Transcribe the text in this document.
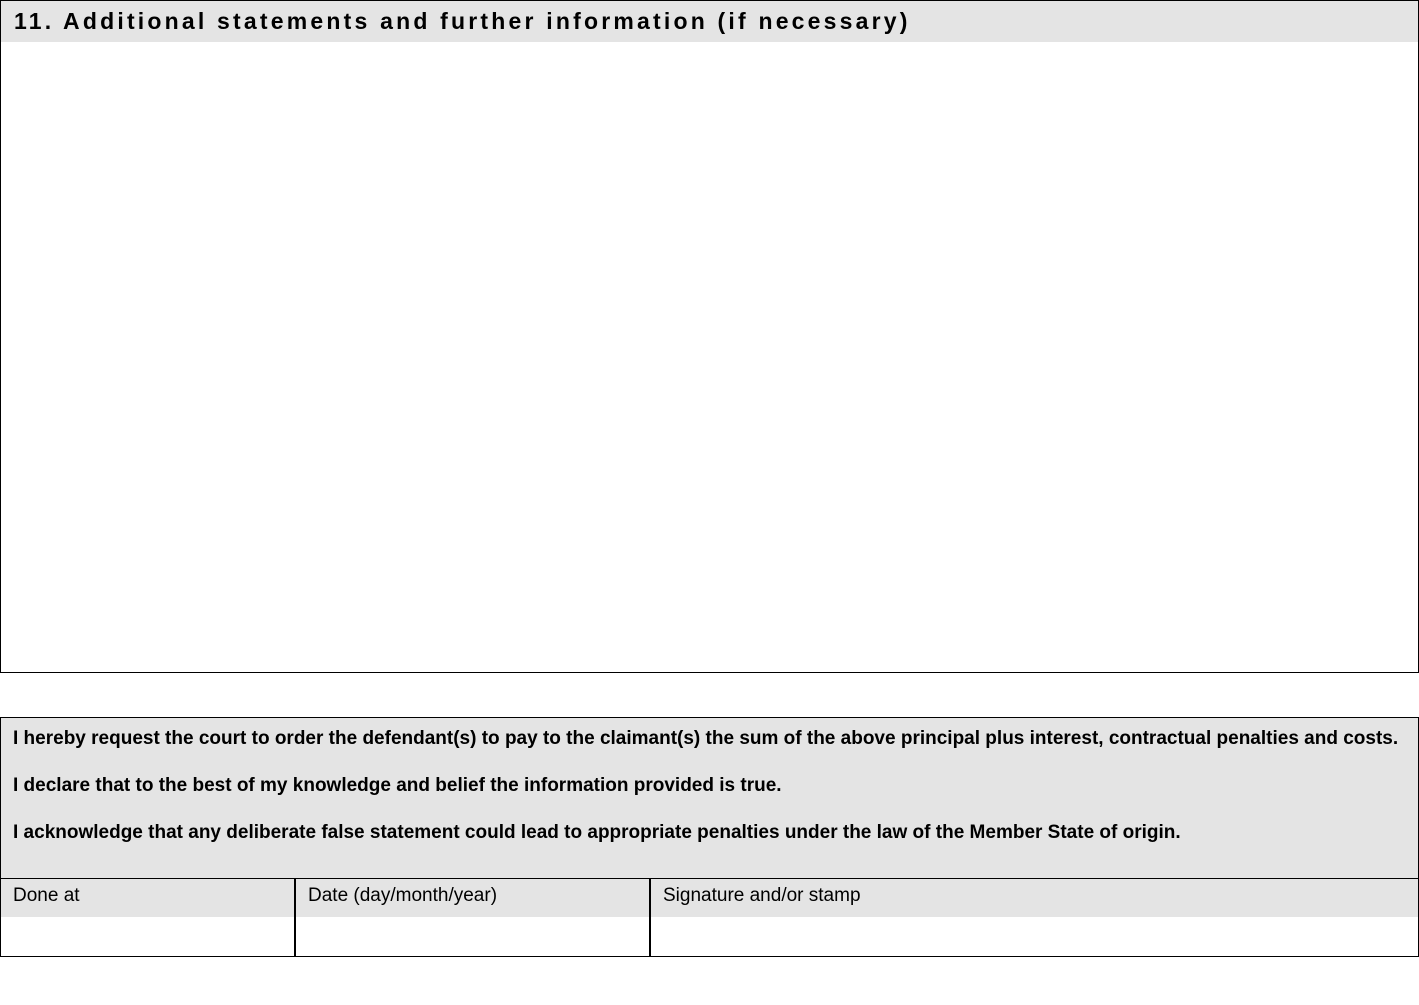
11. Additional statements and further information (if necessary)

I hereby request the court to order the defendant(s) to pay to the claimant(s) the sum of the above principal plus interest, contractual penalties and costs.

I declare that to the best of my knowledge and belief the information provided is true.

I acknowledge that any deliberate false statement could lead to appropriate penalties under the law of the Member State of origin.

Done at	Date (day/month/year)	Signature and/or stamp
